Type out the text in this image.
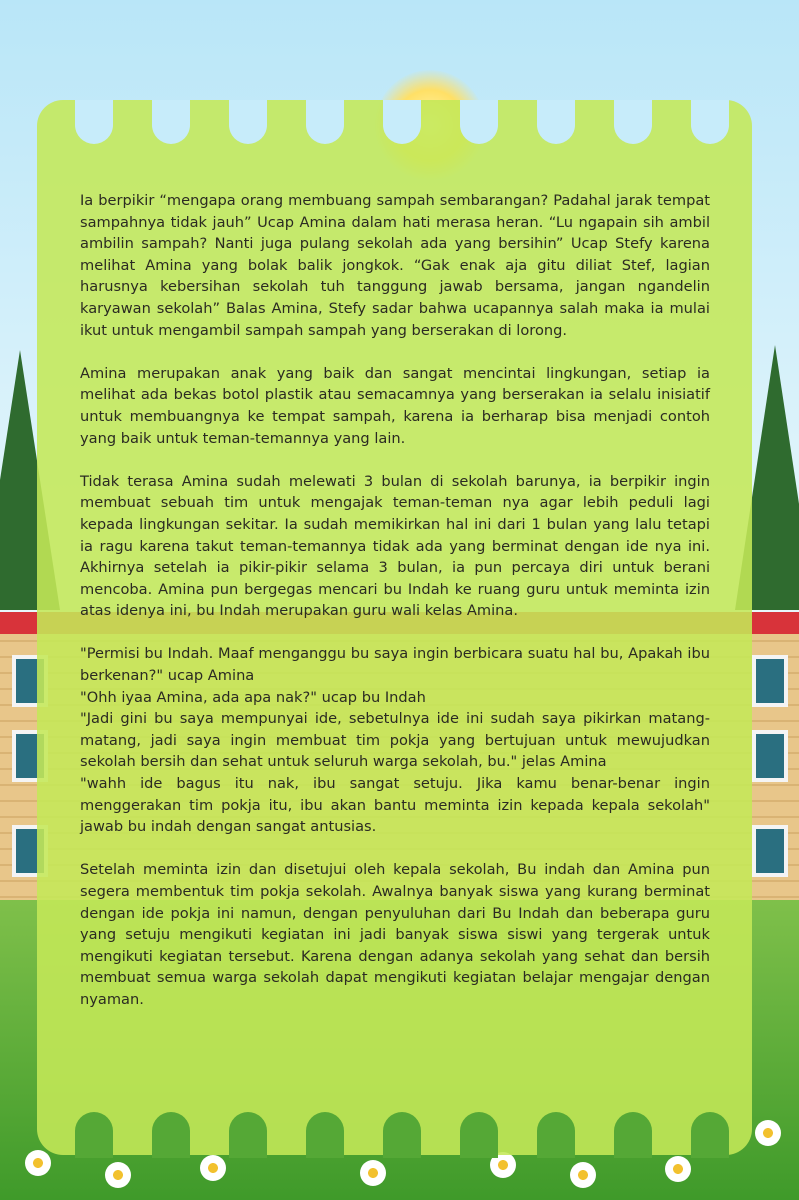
Ia berpikir “mengapa orang membuang sampah sembarangan? Padahal jarak tempat sampahnya tidak jauh” Ucap Amina dalam hati merasa heran. “Lu ngapain sih ambil ambilin sampah? Nanti juga pulang sekolah ada yang bersihin” Ucap Stefy karena melihat Amina yang bolak balik jongkok. “Gak enak aja gitu diliat Stef, lagian harusnya kebersihan sekolah tuh tanggung jawab bersama, jangan ngandelin karyawan sekolah” Balas Amina, Stefy sadar bahwa ucapannya salah maka ia mulai ikut untuk mengambil sampah sampah yang berserakan di lorong.

Amina merupakan anak yang baik dan sangat mencintai lingkungan, setiap ia melihat ada bekas botol plastik atau semacamnya yang berserakan ia selalu inisiatif untuk membuangnya ke tempat sampah, karena ia berharap bisa menjadi contoh yang baik untuk teman-temannya yang lain.

Tidak terasa Amina sudah melewati 3 bulan di sekolah barunya, ia berpikir ingin membuat sebuah tim untuk mengajak teman-teman nya agar lebih peduli lagi kepada lingkungan sekitar. Ia sudah memikirkan hal ini dari 1 bulan yang lalu tetapi ia ragu karena takut teman-temannya tidak ada yang berminat dengan ide nya ini. Akhirnya setelah ia pikir-pikir selama 3 bulan, ia pun percaya diri untuk berani mencoba. Amina pun bergegas mencari bu Indah ke ruang guru untuk meminta izin atas idenya ini, bu Indah merupakan guru wali kelas Amina.

"Permisi bu Indah. Maaf menganggu bu saya ingin berbicara suatu hal bu, Apakah ibu berkenan?" ucap Amina

"Ohh iyaa Amina, ada apa nak?" ucap bu Indah

"Jadi gini bu saya mempunyai ide, sebetulnya ide ini sudah saya pikirkan matang-matang, jadi saya ingin membuat tim pokja yang bertujuan untuk mewujudkan sekolah bersih dan sehat untuk seluruh warga sekolah, bu." jelas Amina

"wahh ide bagus itu nak, ibu sangat setuju. Jika kamu benar-benar ingin menggerakan tim pokja itu, ibu akan bantu meminta izin kepada kepala sekolah" jawab bu indah dengan sangat antusias.

Setelah meminta izin dan disetujui oleh kepala sekolah, Bu indah dan Amina pun segera membentuk tim pokja sekolah. Awalnya banyak siswa yang kurang berminat dengan ide pokja ini namun, dengan penyuluhan dari Bu Indah dan beberapa guru yang setuju mengikuti kegiatan ini jadi banyak siswa siswi yang tergerak untuk mengikuti kegiatan tersebut. Karena dengan adanya sekolah yang sehat dan bersih membuat semua warga sekolah dapat mengikuti kegiatan belajar mengajar dengan nyaman.
